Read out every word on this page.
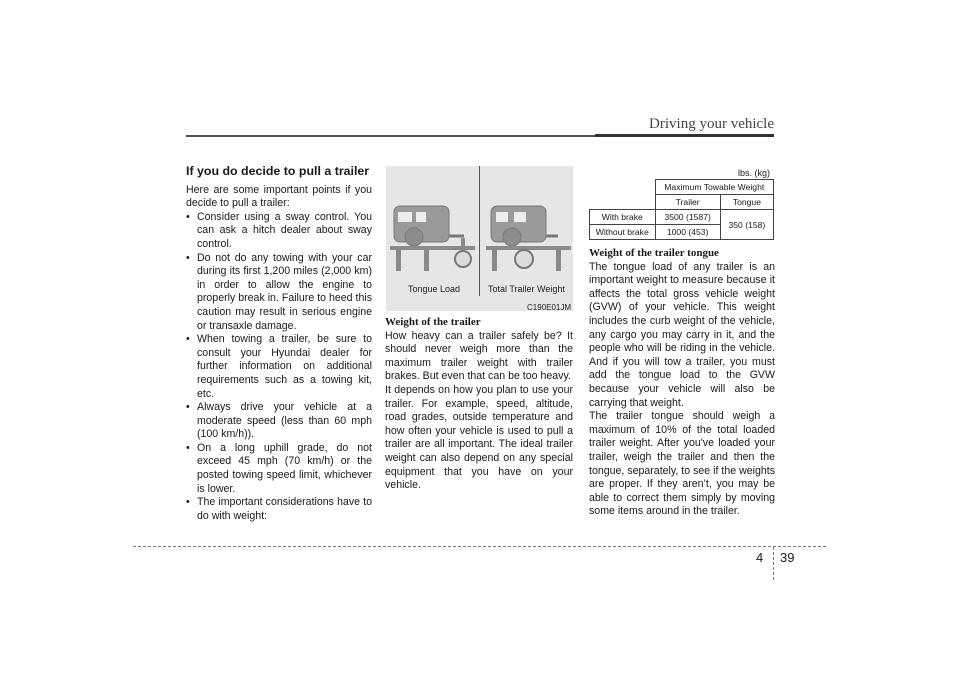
Driving your vehicle
If you do decide to pull a trailer

Here are some important points if you decide to pull a trailer:

• Consider using a sway control. You can ask a hitch dealer about sway control.
• Do not do any towing with your car during its first 1,200 miles (2,000 km) in order to allow the engine to properly break in. Failure to heed this caution may result in serious engine or transaxle damage.
• When towing a trailer, be sure to consult your Hyundai dealer for further information on additional requirements such as a towing kit, etc.
• Always drive your vehicle at a moderate speed (less than 60 mph (100 km/h)).
• On a long uphill grade, do not exceed 45 mph (70 km/h) or the posted towing speed limit, whichever is lower.
• The important considerations have to do with weight:
Tongue Load	Total Trailer Weight
C190E01JM
Weight of the trailer

How heavy can a trailer safely be? It should never weigh more than the maximum trailer weight with trailer brakes. But even that can be too heavy.

It depends on how you plan to use your trailer. For example, speed, altitude, road grades, outside temperature and how often your vehicle is used to pull a trailer are all important. The ideal trailer weight can also depend on any special equipment that you have on your vehicle.

lbs. (kg)
	Maximum Towable Weight	
	Trailer	Tongue
With brake	3500 (1587)	350 (158)
Without brake	1000 (453)	
Weight of the trailer tongue

The tongue load of any trailer is an important weight to measure because it affects the total gross vehicle weight (GVW) of your vehicle. This weight includes the curb weight of the vehicle, any cargo you may carry in it, and the people who will be riding in the vehicle. And if you will tow a trailer, you must add the tongue load to the GVW because your vehicle will also be carrying that weight.

The trailer tongue should weigh a maximum of 10% of the total loaded trailer weight. After you've loaded your trailer, weigh the trailer and then the tongue, separately, to see if the weights are proper. If they aren’t, you may be able to correct them simply by moving some items around in the trailer.

4 39
